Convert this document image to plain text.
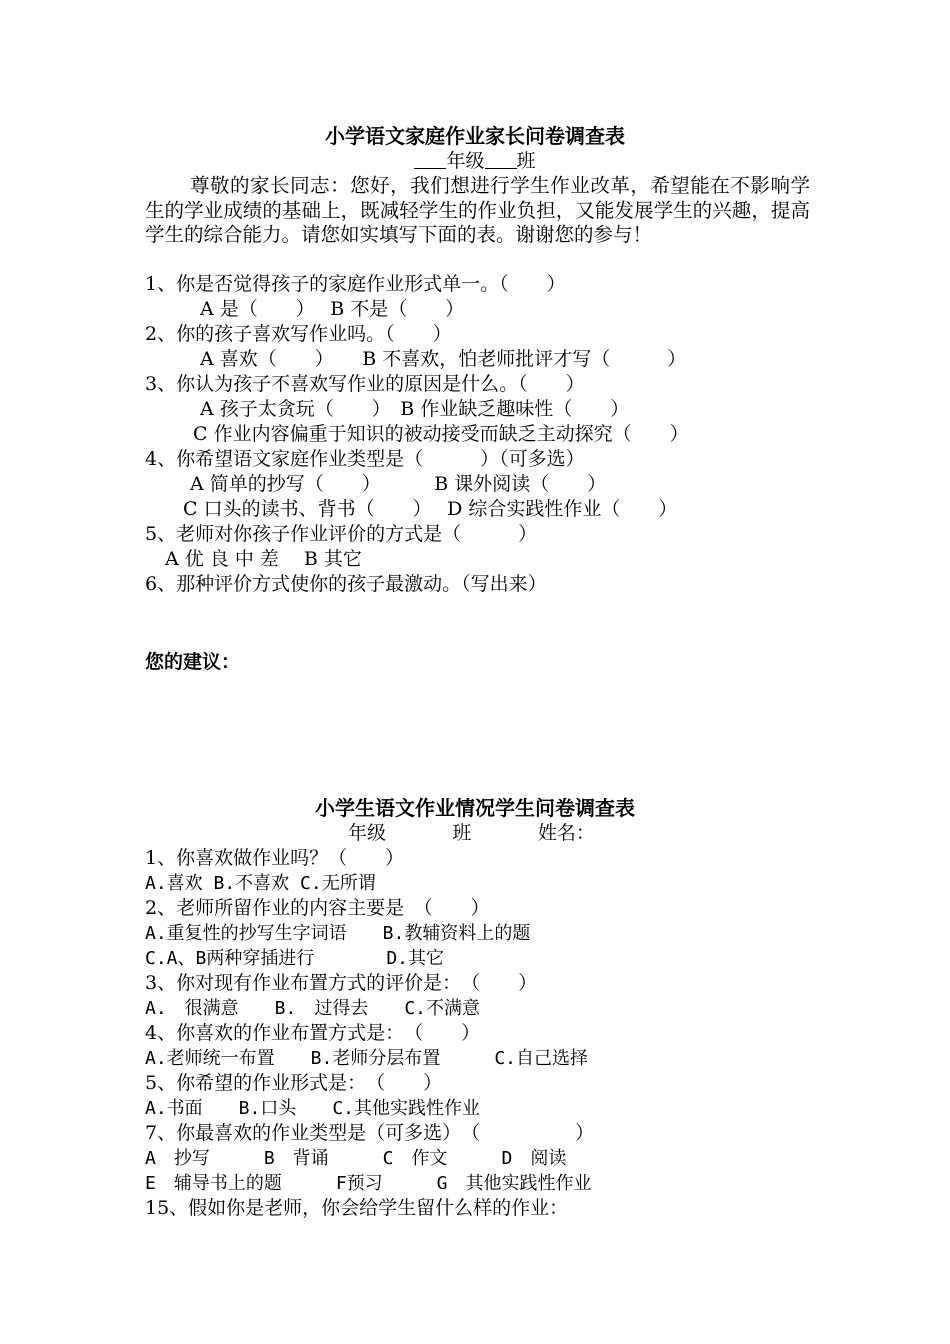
小学语文家庭作业家长问卷调查表
年级 班
尊敬的家长同志：您好，我们想进行学生作业改革，希望能在不影响学生的学业成绩的基础上，既减轻学生的作业负担，又能发展学生的兴趣，提高学生的综合能力。请您如实填写下面的表。谢谢您的参与！
1、你是否觉得孩子的家庭作业形式单一。（　　）
A 是（　　）　 B 不是（　　）
2、你的孩子喜欢写作业吗。（　　）
A 喜欢（　　）　　B 不喜欢，怕老师批评才写（　　　）
3、你认为孩子不喜欢写作业的原因是什么。（　　）
A 孩子太贪玩（　　）　B 作业缺乏趣味性（　　）
C 作业内容偏重于知识的被动接受而缺乏主动探究（　　）
4、你希望语文家庭作业类型是（　　　）（可多选）
A 简单的抄写（　　）　　　 B 课外阅读（　　）
C 口头的读书、背书（　　）　 D 综合实践性作业（　　）
5、老师对你孩子作业评价的方式是（　　　）
A 优 良 中 差　 B 其它
6、那种评价方式使你的孩子最激动。（写出来）
您的建议：
小学生语文作业情况学生问卷调查表
年级           班           姓名：
1、你喜欢做作业吗？（　　）
A.喜欢 B.不喜欢 C.无所谓
2、老师所留作业的内容主要是　（　　）
A.重复性的抄写生字词语　　B.教辅资料上的题
C.A、B两种穿插进行　　　　D.其它
3、你对现有作业布置方式的评价是：　（　　）
A.　很满意　　B.　过得去　　C.不满意
4、你喜欢的作业布置方式是：　（　　）
A.老师统一布置　　B.老师分层布置　　　C.自己选择
5、你希望的作业形式是：　（　　）
A.书面　　B.口头　　C.其他实践性作业
7、你最喜欢的作业类型是（可多选）　（　　　　　）
A　抄写　　　B　背诵　　　C　作文　　　D　阅读
E　辅导书上的题　　　F预习　　　G　其他实践性作业
15、假如你是老师，你会给学生留什么样的作业：
